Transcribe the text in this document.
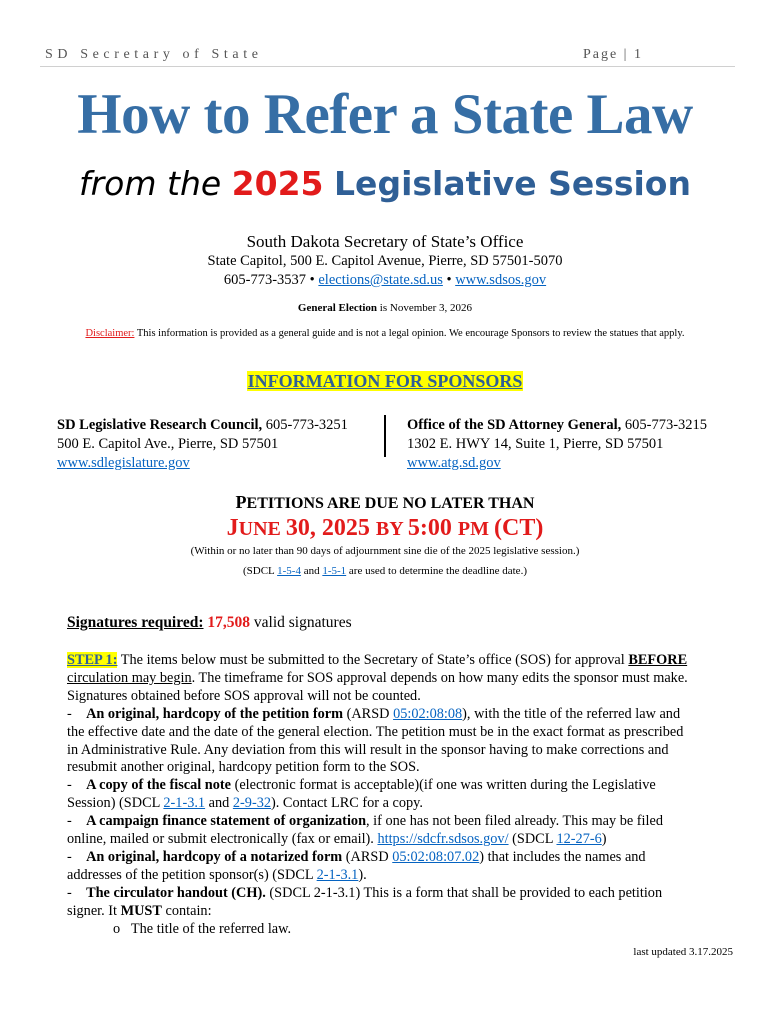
SD Secretary of State	Page | 1
How to Refer a State Law
from the 2025 Legislative Session
South Dakota Secretary of State’s Office
State Capitol, 500 E. Capitol Avenue, Pierre, SD 57501-5070
605-773-3537 • elections@state.sd.us • www.sdsos.gov
General Election is November 3, 2026
Disclaimer: This information is provided as a general guide and is not a legal opinion. We encourage Sponsors to review the statues that apply.
INFORMATION FOR SPONSORS
SD Legislative Research Council, 605-773-3251
500 E. Capitol Ave., Pierre, SD 57501
www.sdlegislature.gov
Office of the SD Attorney General, 605-773-3215
1302 E. HWY 14, Suite 1, Pierre, SD 57501
www.atg.sd.gov
PETITIONS ARE DUE NO LATER THAN
JUNE 30, 2025 BY 5:00 PM (CT)
(Within or no later than 90 days of adjournment sine die of the 2025 legislative session.)
(SDCL 1-5-4 and 1-5-1 are used to determine the deadline date.)
Signatures required: 17,508 valid signatures

STEP 1: The items below must be submitted to the Secretary of State’s office (SOS) for approval BEFORE circulation may begin. The timeframe for SOS approval depends on how many edits the sponsor must make. Signatures obtained before SOS approval will not be counted.

- An original, hardcopy of the petition form (ARSD 05:02:08:08), with the title of the referred law and the effective date and the date of the general election. The petition must be in the exact format as prescribed in Administrative Rule. Any deviation from this will result in the sponsor having to make corrections and resubmit another original, hardcopy petition form to the SOS.

- A copy of the fiscal note (electronic format is acceptable)(if one was written during the Legislative Session) (SDCL 2-1-3.1 and 2-9-32). Contact LRC for a copy.

- A campaign finance statement of organization, if one has not been filed already. This may be filed online, mailed or submit electronically (fax or email). https://sdcfr.sdsos.gov/ (SDCL 12-27-6)

- An original, hardcopy of a notarized form (ARSD 05:02:08:07.02) that includes the names and addresses of the petition sponsor(s) (SDCL 2-1-3.1).

- The circulator handout (CH). (SDCL 2-1-3.1) This is a form that shall be provided to each petition signer. It MUST contain:

o The title of the referred law.

last updated 3.17.2025
